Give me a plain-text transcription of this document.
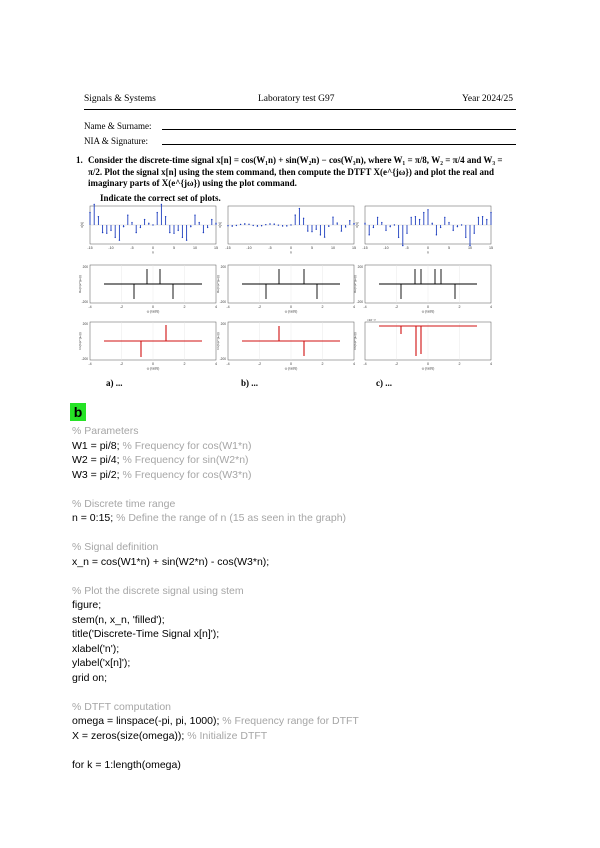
Signals & Systems	Laboratory test G97	Year 2024/25
Name & Surname:
NIA & Signature:
1. Consider the discrete-time signal x[n] = cos(W₁n) + sin(W₂n) − cos(W₃n), where W₁ = π/8, W₂ = π/4 and W₃ = π/2. Plot the signal x[n] using the stem command, then compute the DTFT X(e^{jω}) and plot the real and imaginary parts of X(e^{jω}) using the plot command.
Indicate the correct set of plots.
-15	-10	-5	0	5	10	15
n
x[n]
200
-200
-4	-2	0	2	4
ω (rad/s)
Re{X(e^{jω})}
200
-200
-4	-2	0	2	4
ω (rad/s)
Im{X(e^{jω})}
-15	-10	-5	0	5	10	15
n
x[n]
200
-200
-4	-2	0	2	4
ω (rad/s)
Re{X(e^{jω})}
200
-200
-4	-2	0	2	4
ω (rad/s)
Im{X(e^{jω})}
-15	-10	-5	0	5	10	15
n
x[n]
200
-200
-4	-2	0	2	4
ω (rad/s)
Re{X(e^{jω})}
×10⁻¹³
-4	-2	0	2	4
ω (rad/s)
Im{X(e^{jω})}
a) ...	b) ...	c) ...
b
% Parameters
W1 = pi/8; % Frequency for cos(W1*n)
W2 = pi/4; % Frequency for sin(W2*n)
W3 = pi/2; % Frequency for cos(W3*n)
% Discrete time range
n = 0:15; % Define the range of n (15 as seen in the graph)
% Signal definition
x_n = cos(W1*n) + sin(W2*n) - cos(W3*n);
% Plot the discrete signal using stem
figure;
stem(n, x_n, 'filled');
title('Discrete-Time Signal x[n]');
xlabel('n');
ylabel('x[n]');
grid on;
% DTFT computation
omega = linspace(-pi, pi, 1000); % Frequency range for DTFT
X = zeros(size(omega)); % Initialize DTFT
for k = 1:length(omega)
